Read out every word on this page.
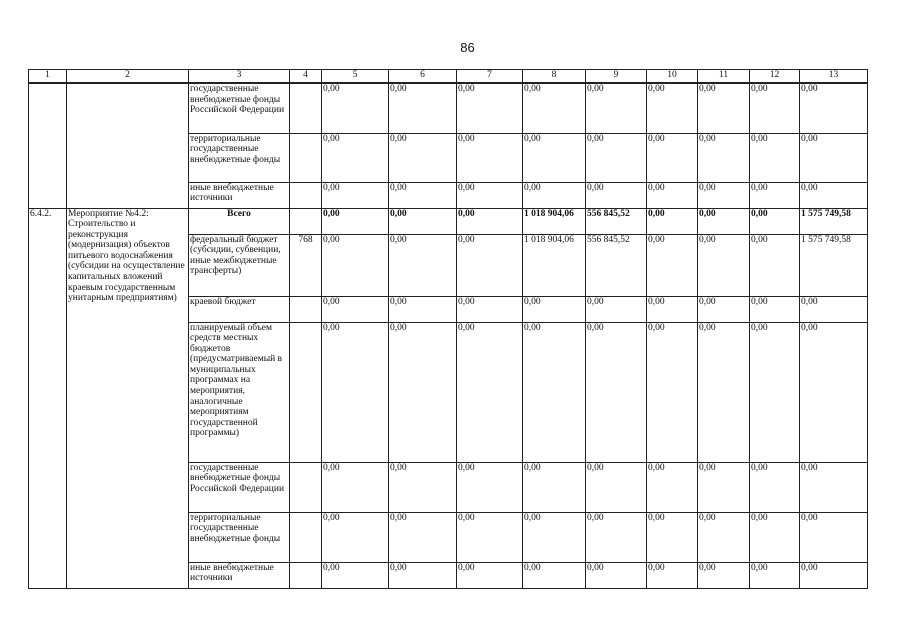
86
1	2	3	4	5	6	7	8	9	10	11	12	13
		государственные внебюджетные фонды Российской Федерации		0,00	0,00	0,00	0,00	0,00	0,00	0,00	0,00	0,00
		территориальные государственные внебюджетные фонды		0,00	0,00	0,00	0,00	0,00	0,00	0,00	0,00	0,00
		иные внебюджетные источники		0,00	0,00	0,00	0,00	0,00	0,00	0,00	0,00	0,00
6.4.2.	Мероприятие №4.2: Строительство и реконструкция (модернизация) объектов питьевого водоснабжения (субсидии на осуществление капитальных вложений краевым государственным унитарным предприятиям)	Всего		0,00	0,00	0,00	1 018 904,06	556 845,52	0,00	0,00	0,00	1 575 749,58
		федеральный бюджет (субсидии, субвенции, иные межбюджетные трансферты)	768	0,00	0,00	0,00	1 018 904,06	556 845,52	0,00	0,00	0,00	1 575 749,58
		краевой бюджет		0,00	0,00	0,00	0,00	0,00	0,00	0,00	0,00	0,00
		планируемый объем средств местных бюджетов (предусматриваемый в муниципальных программах на мероприятия, аналогичные мероприятиям государственной программы)		0,00	0,00	0,00	0,00	0,00	0,00	0,00	0,00	0,00
		государственные внебюджетные фонды Российской Федерации		0,00	0,00	0,00	0,00	0,00	0,00	0,00	0,00	0,00
		территориальные государственные внебюджетные фонды		0,00	0,00	0,00	0,00	0,00	0,00	0,00	0,00	0,00
		иные внебюджетные источники		0,00	0,00	0,00	0,00	0,00	0,00	0,00	0,00	0,00
